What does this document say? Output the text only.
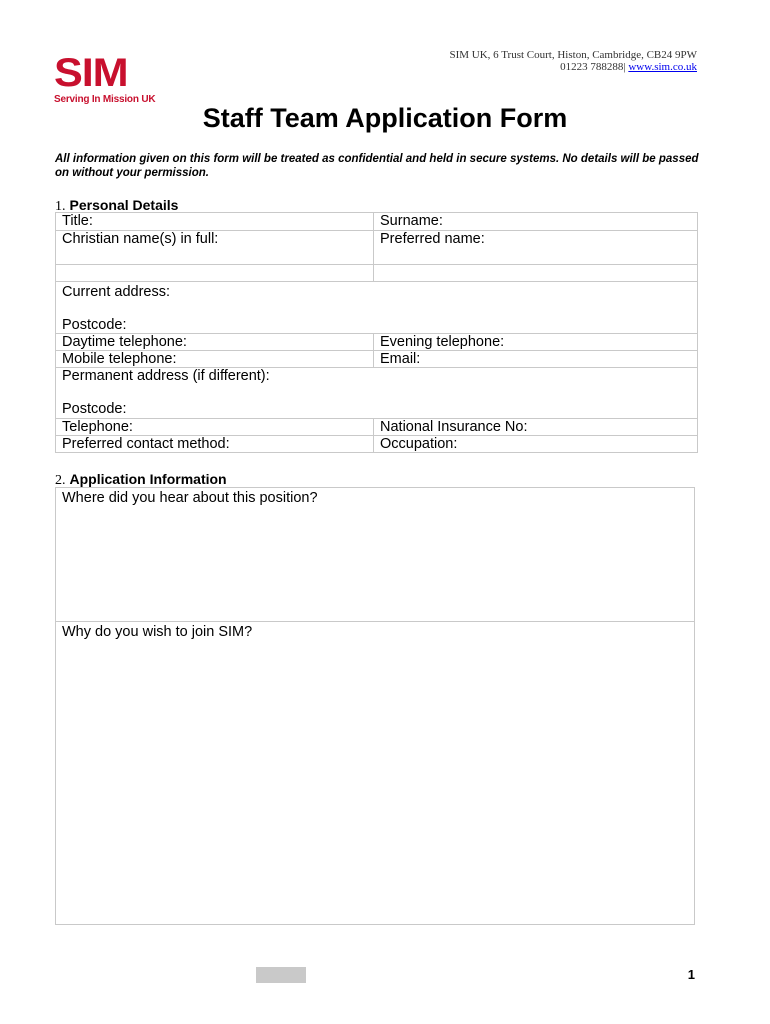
SIM
Serving In Mission UK
SIM UK, 6 Trust Court, Histon, Cambridge, CB24 9PW
01223 788288| www.sim.co.uk
Staff Team Application Form
All information given on this form will be treated as confidential and held in secure systems. No details will be passed on without your permission.
1. Personal Details
Title:	Surname:
Christian name(s) in full:	Preferred name:

Current address:
Postcode:	

Daytime telephone:	Evening telephone:
Mobile telephone:	Email:

Permanent address (if different):
Postcode:	

Telephone:	National Insurance No:
Preferred contact method:	Occupation:
2. Application Information
Where did you hear about this position?
Why do you wish to join SIM?
1
